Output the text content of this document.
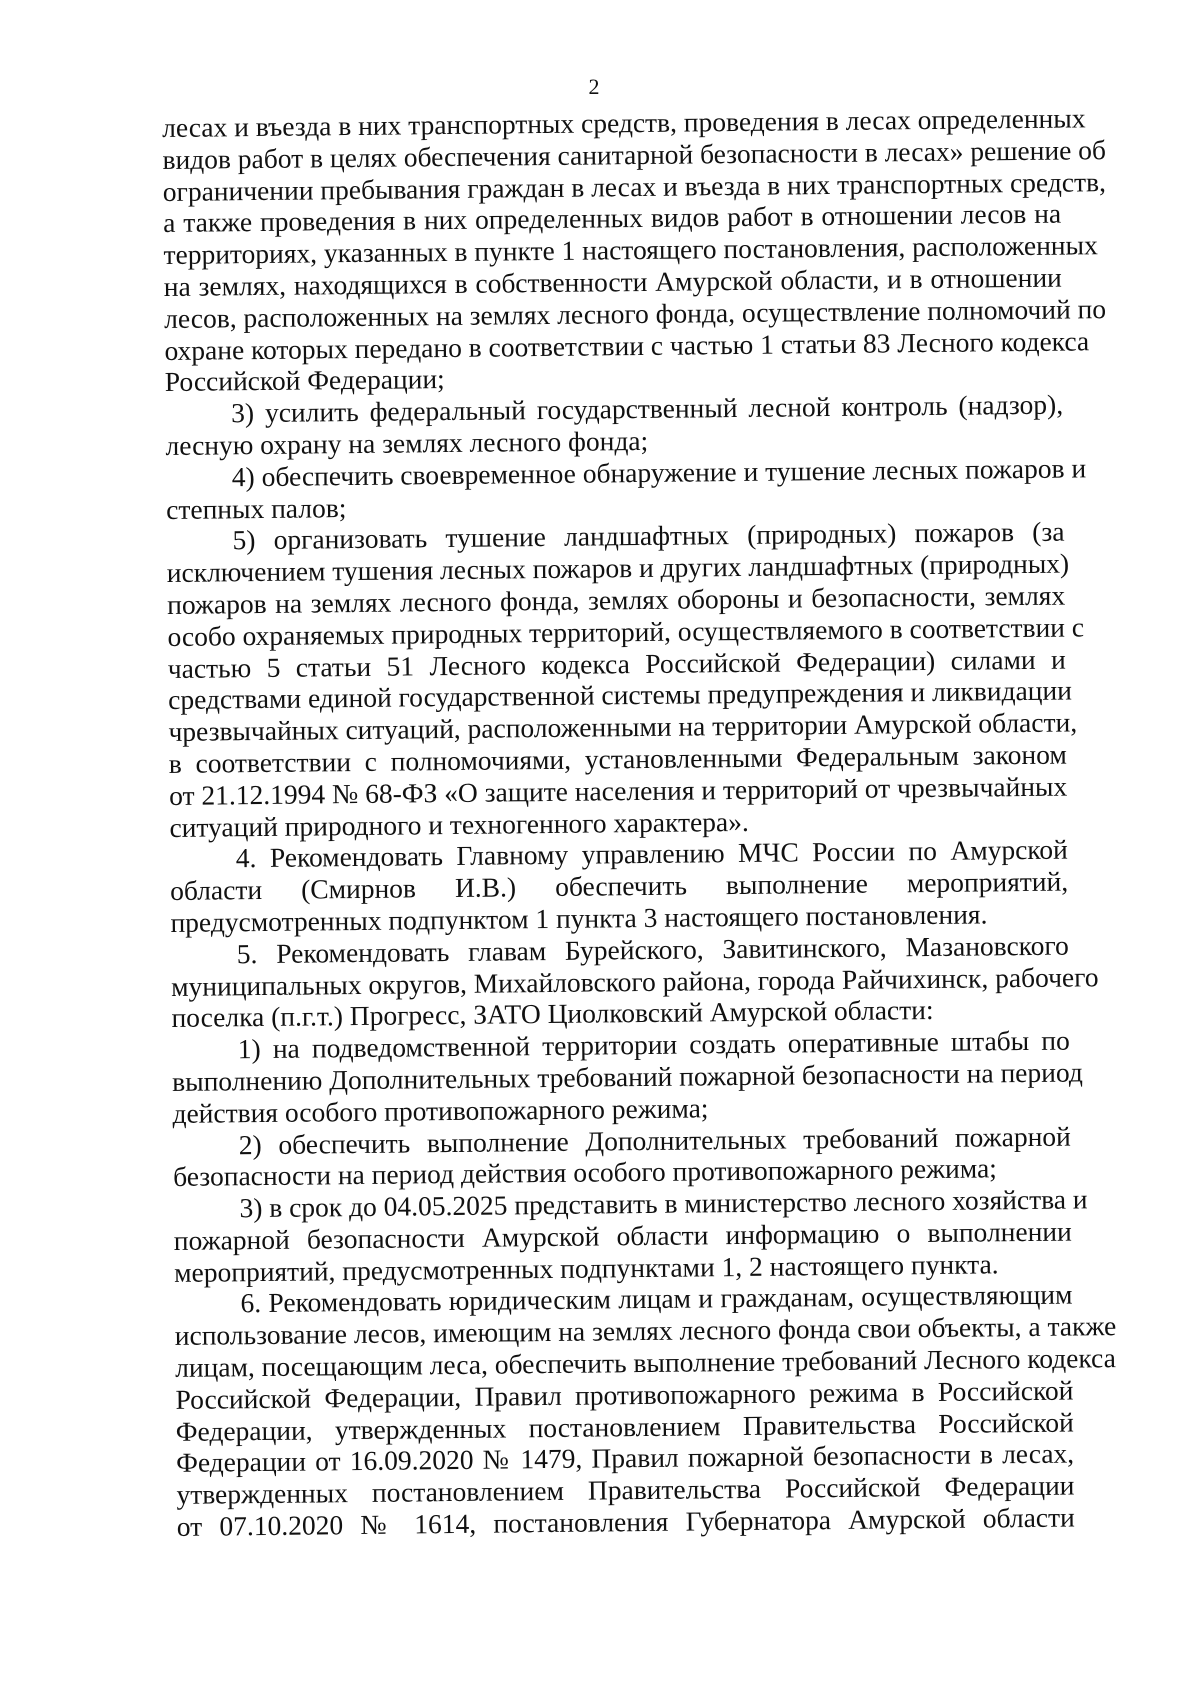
2
лесах и въезда в них транспортных средств, проведения в лесах определенных
видов работ в целях обеспечения санитарной безопасности в лесах» решение об
ограничении пребывания граждан в лесах и въезда в них транспортных средств,
а также проведения в них определенных видов работ в отношении лесов на
территориях, указанных в пункте 1 настоящего постановления, расположенных
на землях, находящихся в собственности Амурской области, и в отношении
лесов, расположенных на землях лесного фонда, осуществление полномочий по
охране которых передано в соответствии с частью 1 статьи 83 Лесного кодекса
Российской Федерации;
3) усилить федеральный государственный лесной контроль (надзор),
лесную охрану на землях лесного фонда;
4) обеспечить своевременное обнаружение и тушение лесных пожаров и
степных палов;
5) организовать тушение ландшафтных (природных) пожаров (за
исключением тушения лесных пожаров и других ландшафтных (природных)
пожаров на землях лесного фонда, землях обороны и безопасности, землях
особо охраняемых природных территорий, осуществляемого в соответствии с
частью 5 статьи 51 Лесного кодекса Российской Федерации) силами и
средствами единой государственной системы предупреждения и ликвидации
чрезвычайных ситуаций, расположенными на территории Амурской области,
в соответствии с полномочиями, установленными Федеральным законом
от 21.12.1994 № 68-ФЗ «О защите населения и территорий от чрезвычайных
ситуаций природного и техногенного характера».
4. Рекомендовать Главному управлению МЧС России по Амурской
области (Смирнов И.В.) обеспечить выполнение мероприятий,
предусмотренных подпунктом 1 пункта 3 настоящего постановления.
5. Рекомендовать главам Бурейского, Завитинского, Мазановского
муниципальных округов, Михайловского района, города Райчихинск, рабочего
поселка (п.г.т.) Прогресс, ЗАТО Циолковский Амурской области:
1) на подведомственной территории создать оперативные штабы по
выполнению Дополнительных требований пожарной безопасности на период
действия особого противопожарного режима;
2) обеспечить выполнение Дополнительных требований пожарной
безопасности на период действия особого противопожарного режима;
3) в срок до 04.05.2025 представить в министерство лесного хозяйства и
пожарной безопасности Амурской области информацию о выполнении
мероприятий, предусмотренных подпунктами 1, 2 настоящего пункта.
6. Рекомендовать юридическим лицам и гражданам, осуществляющим
использование лесов, имеющим на землях лесного фонда свои объекты, а также
лицам, посещающим леса, обеспечить выполнение требований Лесного кодекса
Российской Федерации, Правил противопожарного режима в Российской
Федерации, утвержденных постановлением Правительства Российской
Федерации от 16.09.2020 № 1479, Правил пожарной безопасности в лесах,
утвержденных постановлением Правительства Российской Федерации
от 07.10.2020 № 1614, постановления Губернатора Амурской области
